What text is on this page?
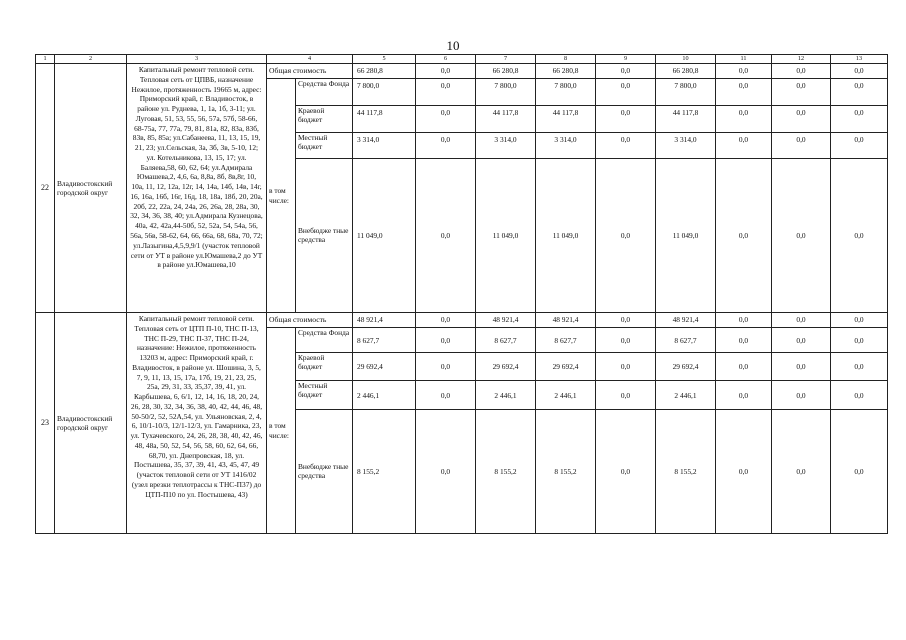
10
1	2	3	4		5	6	7	8	9	10	11	12	13
22	Владивостокский городской округ	Капитальный ремонт тепловой сети. Тепловая сеть от ЦПВБ, назначение Нежилое, протяженность 19665 м, адрес: Приморский край, г. Владивосток, в районе ул. Руднева, 1, 1а, 1б, 3-11; ул. Луговая, 51, 53, 55, 56, 57а, 57б, 58-66, 68-75а, 77, 77а, 79, 81, 81а, 82, 83а, 83б, 83в, 85, 85а; ул.Сабанеева, 11, 13, 15, 19, 21, 23; ул.Сельская, 3а, 3б, 3в, 5-10, 12; ул. Котельникова, 13, 15, 17; ул. Баляева,58, 60, 62, 64; ул.Адмирала Юмашева,2, 4,6, 6а, 8,8а, 8б, 8в,8г, 10, 10а, 11, 12, 12а, 12г, 14, 14а, 14б, 14в, 14г, 16, 16а, 16б, 16г, 16д, 18, 18а, 18б, 20, 20а, 20б, 22, 22а, 24, 24а, 26, 26а, 28, 28а, 30, 32, 34, 36, 38, 40; ул.Адмирала Кузнецова, 40а, 42, 42а,44-50б, 52, 52а, 54, 54а, 56, 56а, 56в, 58-62, 64, 66, 66а, 68, 68а, 70, 72; ул.Лазыгина,4,5,9,9/1 (участок тепловой сети от УТ в районе ул.Юмашева,2 до УТ в районе ул.Юмашева,10	Общая стоимость		66 280,8	0,0	66 280,8	66 280,8	0,0	66 280,8	0,0	0,0	0,0
			в том числе:	Средства Фонда	7 800,0	0,0	7 800,0	7 800,0	0,0	7 800,0	0,0	0,0	0,0
				Краевой бюджет	44 117,8	0,0	44 117,8	44 117,8	0,0	44 117,8	0,0	0,0	0,0
				Местный бюджет	3 314,0	0,0	3 314,0	3 314,0	0,0	3 314,0	0,0	0,0	0,0
				Внебюдже тные средства	11 049,0	0,0	11 049,0	11 049,0	0,0	11 049,0	0,0	0,0	0,0
23	Владивостокский городской округ	Капитальный ремонт тепловой сети. Тепловая сеть от ЦТП П-10, ТНС П-13, ТНС П-29, ТНС П-37, ТНС П-24, назначение: Нежилое, протяженность 13203 м, адрес: Приморский край, г. Владивосток, в районе ул. Шошина, 3, 5, 7, 9, 11, 13, 15, 17а, 17б, 19, 21, 23, 25, 25а, 29, 31, 33, 35,37, 39, 41, ул. Карбышева, 6, 6/1, 12, 14, 16, 18, 20, 24, 26, 28, 30, 32, 34, 36, 38, 40, 42, 44, 46, 48, 50-50/2, 52, 52А,54, ул. Ульяновская, 2, 4, 6, 10/1-10/3, 12/1-12/3, ул. Гамарника, 23, ул. Тухачевского, 24, 26, 28, 38, 40, 42, 46, 48, 48а, 50, 52, 54, 56, 58, 60, 62, 64, 66, 68,70, ул. Днепровская, 18, ул. Постышева, 35, 37, 39, 41, 43, 45, 47, 49 (участок тепловой сети от УТ 1416/02 (узел врезки теплотрассы к ТНС-П37) до ЦТП-П10 по ул. Постышева, 43)	Общая стоимость		48 921,4	0,0	48 921,4	48 921,4	0,0	48 921,4	0,0	0,0	0,0
			в том числе:	Средства Фонда	8 627,7	0,0	8 627,7	8 627,7	0,0	8 627,7	0,0	0,0	0,0
				Краевой бюджет	29 692,4	0,0	29 692,4	29 692,4	0,0	29 692,4	0,0	0,0	0,0
				Местный бюджет	2 446,1	0,0	2 446,1	2 446,1	0,0	2 446,1	0,0	0,0	0,0
				Внебюдже тные средства	8 155,2	0,0	8 155,2	8 155,2	0,0	8 155,2	0,0	0,0	0,0
